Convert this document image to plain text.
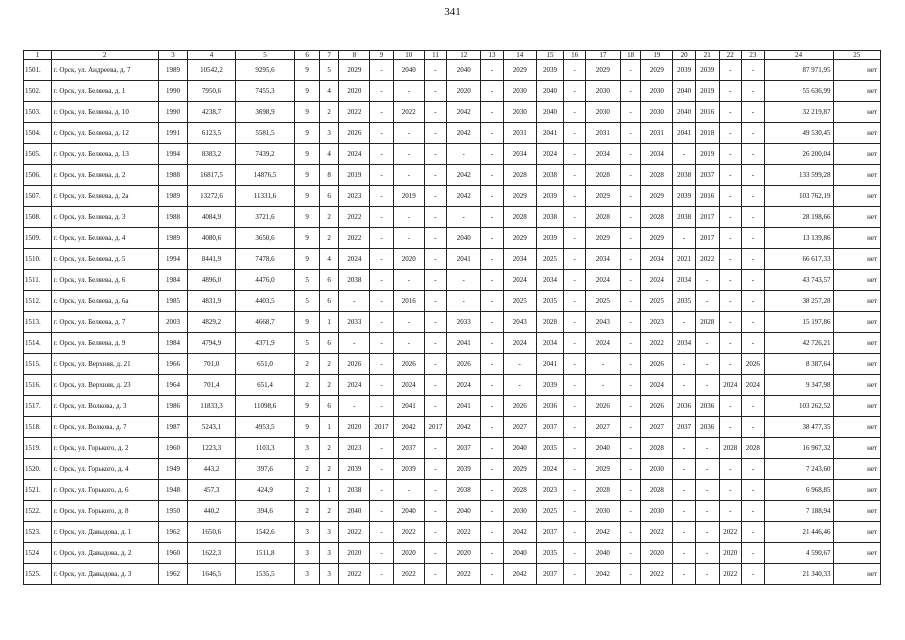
341
1	2	3	4	5	6	7	8	9	10	11	12	13	14	15	16	17	18	19	20	21	22	23	24	25
1501.	г. Орск, ул. Андреева, д. 7	1989	10542,2	9295,6	9	5	2029	-	2040	-	2040	-	2029	2039	-	2029	-	2029	2039	2039	-	-	87 971,95	нет
1502.	г. Орск, ул. Беляева, д. 1	1990	7950,6	7455,3	9	4	2020	-	-	-	2020	-	2030	2040	-	2030	-	2030	2040	2019	-	-	55 636,99	нет
1503.	г. Орск, ул. Беляева, д. 10	1990	4238,7	3698,9	9	2	2022	-	2022	-	2042	-	2030	2040	-	2030	-	2030	2040	2016	-	-	32 219,87	нет
1504.	г. Орск, ул. Беляева, д. 12	1991	6123,5	5581,5	9	3	2026	-	-	-	2042	-	2031	2041	-	2031	-	2031	2041	2018	-	-	49 530,45	нет
1505.	г. Орск, ул. Беляева, д. 13	1994	8383,2	7439,2	9	4	2024	-	-	-	-	-	2034	2024	-	2034	-	2034	-	2019	-	-	26 200,04	нет
1506.	г. Орск, ул. Беляева, д. 2	1988	16817,5	14876,5	9	8	2019	-	-	-	2042	-	2028	2038	-	2028	-	2028	2038	2037	-	-	133 599,28	нет
1507.	г. Орск, ул. Беляева, д. 2а	1989	13272,6	11331,6	9	6	2023	-	2019	-	2042	-	2029	2039	-	2029	-	2029	2039	2016	-	-	103 762,19	нет
1508.	г. Орск, ул. Беляева, д. 3	1988	4084,9	3721,6	9	2	2022	-	-	-	-	-	2028	2038	-	2028	-	2028	2038	2017	-	-	28 198,66	нет
1509.	г. Орск, ул. Беляева, д. 4	1989	4080,6	3650,6	9	2	2022	-	-	-	2040	-	2029	2039	-	2029	-	2029	-	2017	-	-	13 139,86	нет
1510.	г. Орск, ул. Беляева, д. 5	1994	8441,9	7478,6	9	4	2024	-	2020	-	2041	-	2034	2025	-	2034	-	2034	2021	2022	-	-	66 617,33	нет
1511.	г. Орск, ул. Беляева, д. 6	1984	4896,0	4476,0	5	6	2038	-	-	-	-	-	2024	2034	-	2024	-	2024	2034	-	-	-	43 743,57	нет
1512.	г. Орск, ул. Беляева, д. 6а	1985	4831,9	4403,5	5	6	-	-	2016	-	-	-	2025	2035	-	2025	-	2025	2035	-	-	-	38 257,28	нет
1513.	г. Орск, ул. Беляева, д. 7	2003	4829,2	4668,7	9	1	2033	-	-	-	2033	-	2043	2028	-	2043	-	2023	-	2028	-	-	15 197,86	нет
1514.	г. Орск, ул. Беляева, д. 9	1984	4794,9	4371,9	5	6	-	-	-	-	2041	-	2024	2034	-	2024	-	2022	2034	-	-	-	42 726,21	нет
1515.	г. Орск, ул. Верхняя, д. 21	1966	701,0	651,0	2	2	2026	-	2026	-	2026	-	-	2041	-	-	-	2026	-	-	-	2026	8 387,64	нет
1516.	г. Орск, ул. Верхняя, д. 23	1964	701,4	651,4	2	2	2024	-	2024	-	2024	-	-	2039	-	-	-	2024	-	-	2024	2024	9 347,98	нет
1517.	г. Орск, ул. Волкова, д. 3	1986	11833,3	11098,6	9	6	-	-	2041	-	2041	-	2026	2036	-	2026	-	2026	2036	2036	-	-	103 262,52	нет
1518.	г. Орск, ул. Волкова, д. 7	1987	5243,1	4953,5	9	1	2020	2017	2042	2017	2042	-	2027	2037	-	2027	-	2027	2037	2036	-	-	38 477,35	нет
1519.	г. Орск, ул. Горького, д. 2	1960	1223,3	1103,3	3	2	2023	-	2037	-	2037	-	2040	2035	-	2040	-	2028	-	-	2028	2028	16 967,32	нет
1520.	г. Орск, ул. Горького, д. 4	1949	443,2	397,6	2	2	2039	-	2039	-	2039	-	2029	2024	-	2029	-	2030	-	-	-	-	7 243,60	нет
1521.	г. Орск, ул. Горького, д. 6	1948	457,3	424,9	2	1	2038	-	-	-	2038	-	2028	2023	-	2028	-	2028	-	-	-	-	6 968,85	нет
1522.	г. Орск, ул. Горького, д. 8	1950	440,2	394,6	2	2	2040	-	2040	-	2040	-	2030	2025	-	2030	-	2030	-	-	-	-	7 188,94	нет
1523.	г. Орск, ул. Давыдова, д. 1	1962	1650,6	1542,6	3	3	2022	-	2022	-	2022	-	2042	2037	-	2042	-	2022	-	-	2022	-	21 446,46	нет
1524	г. Орск, ул. Давыдова, д. 2	1960	1622,3	1511,8	3	3	2020	-	2020	-	2020	-	2040	2035	-	2040	-	2020	-	-	2020	-	4 590,67	нет
1525.	г. Орск, ул. Давыдова, д. 3	1962	1646,5	1535,5	3	3	2022	-	2022	-	2022	-	2042	2037	-	2042	-	2022	-	-	2022	-	21 340,33	нет
